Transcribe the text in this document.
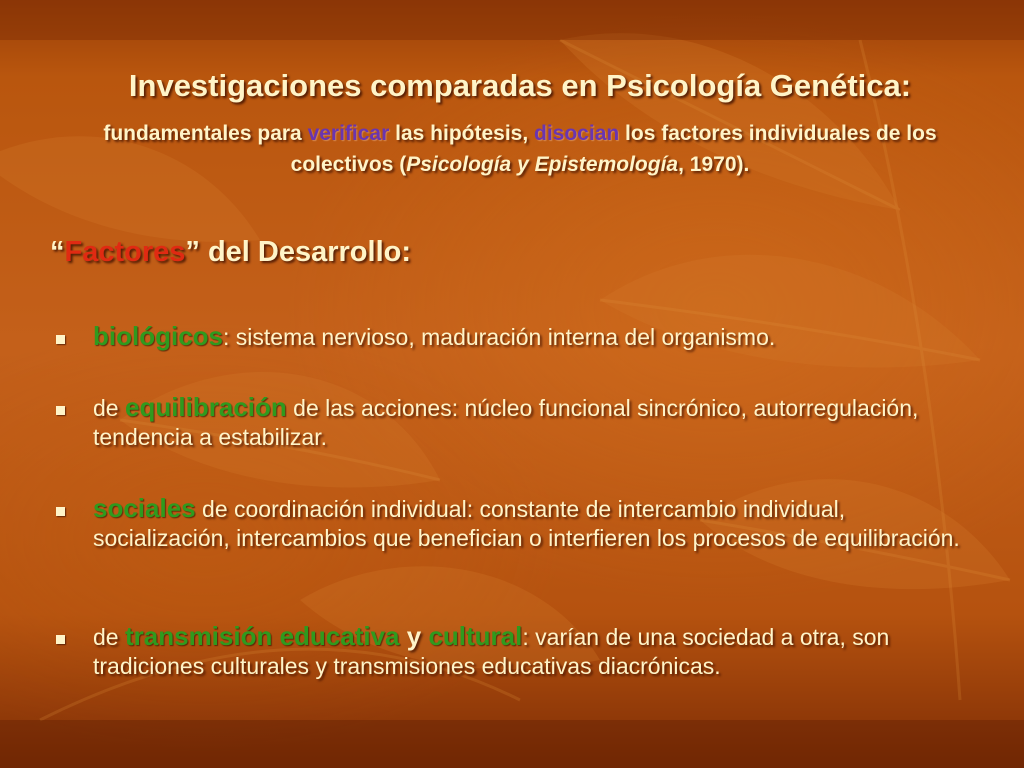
Investigaciones comparadas en Psicología Genética:

fundamentales para verificar las hipótesis, disocian los factores individuales de los colectivos (Psicología y Epistemología, 1970).

“Factores” del Desarrollo:
biológicos: sistema nervioso, maduración interna del organismo.
de equilibración de las acciones: núcleo funcional sincrónico, autorregulación, tendencia a estabilizar.
sociales de coordinación individual: constante de intercambio individual, socialización, intercambios que benefician o interfieren los procesos de equilibración.
de transmisión educativa y cultural: varían de una sociedad a otra, son tradiciones culturales y transmisiones educativas diacrónicas.
